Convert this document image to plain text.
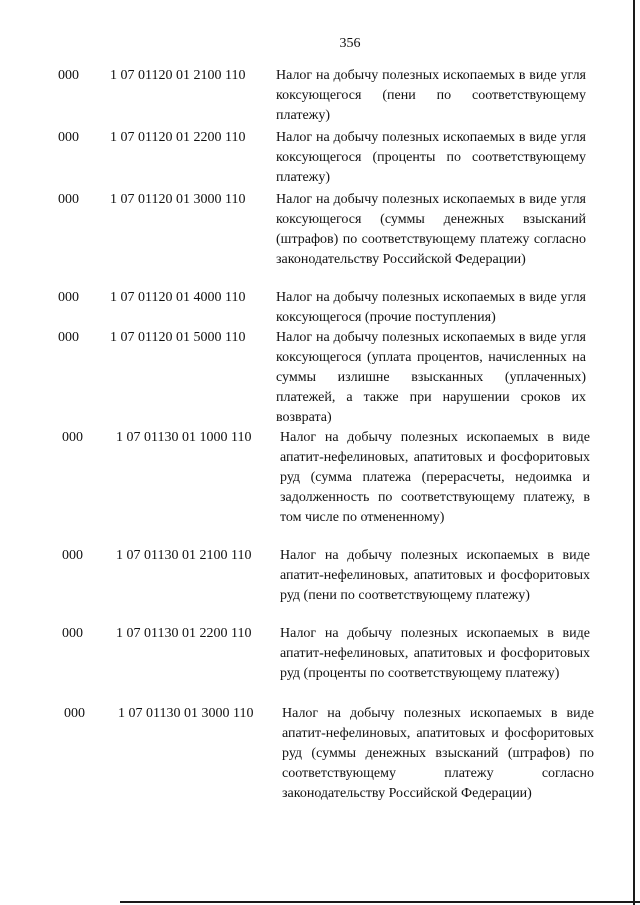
356
000 1 07 01120 01 2100 110 Налог на добычу полезных ископаемых в виде угля коксующегося (пени по соответствующему платежу)
000 1 07 01120 01 2200 110 Налог на добычу полезных ископаемых в виде угля коксующегося (проценты по соответствующему платежу)
000 1 07 01120 01 3000 110 Налог на добычу полезных ископаемых в виде угля коксующегося (суммы денежных взысканий (штрафов) по соответствующему платежу согласно законодательству Российской Федерации)
000 1 07 01120 01 4000 110 Налог на добычу полезных ископаемых в виде угля коксующегося (прочие поступления)
000 1 07 01120 01 5000 110 Налог на добычу полезных ископаемых в виде угля коксующегося (уплата процентов, начисленных на суммы излишне взысканных (уплаченных) платежей, а также при нарушении сроков их возврата)
000 1 07 01130 01 1000 110 Налог на добычу полезных ископаемых в виде апатит-нефелиновых, апатитовых и фосфоритовых руд (сумма платежа (перерасчеты, недоимка и задолженность по соответствующему платежу, в том числе по отмененному)
000 1 07 01130 01 2100 110 Налог на добычу полезных ископаемых в виде апатит-нефелиновых, апатитовых и фосфоритовых руд (пени по соответствующему платежу)
000 1 07 01130 01 2200 110 Налог на добычу полезных ископаемых в виде апатит-нефелиновых, апатитовых и фосфоритовых руд (проценты по соответствующему платежу)
000 1 07 01130 01 3000 110 Налог на добычу полезных ископаемых в виде апатит-нефелиновых, апатитовых и фосфоритовых руд (суммы денежных взысканий (штрафов) по соответствующему платежу согласно законодательству Российской Федерации)
